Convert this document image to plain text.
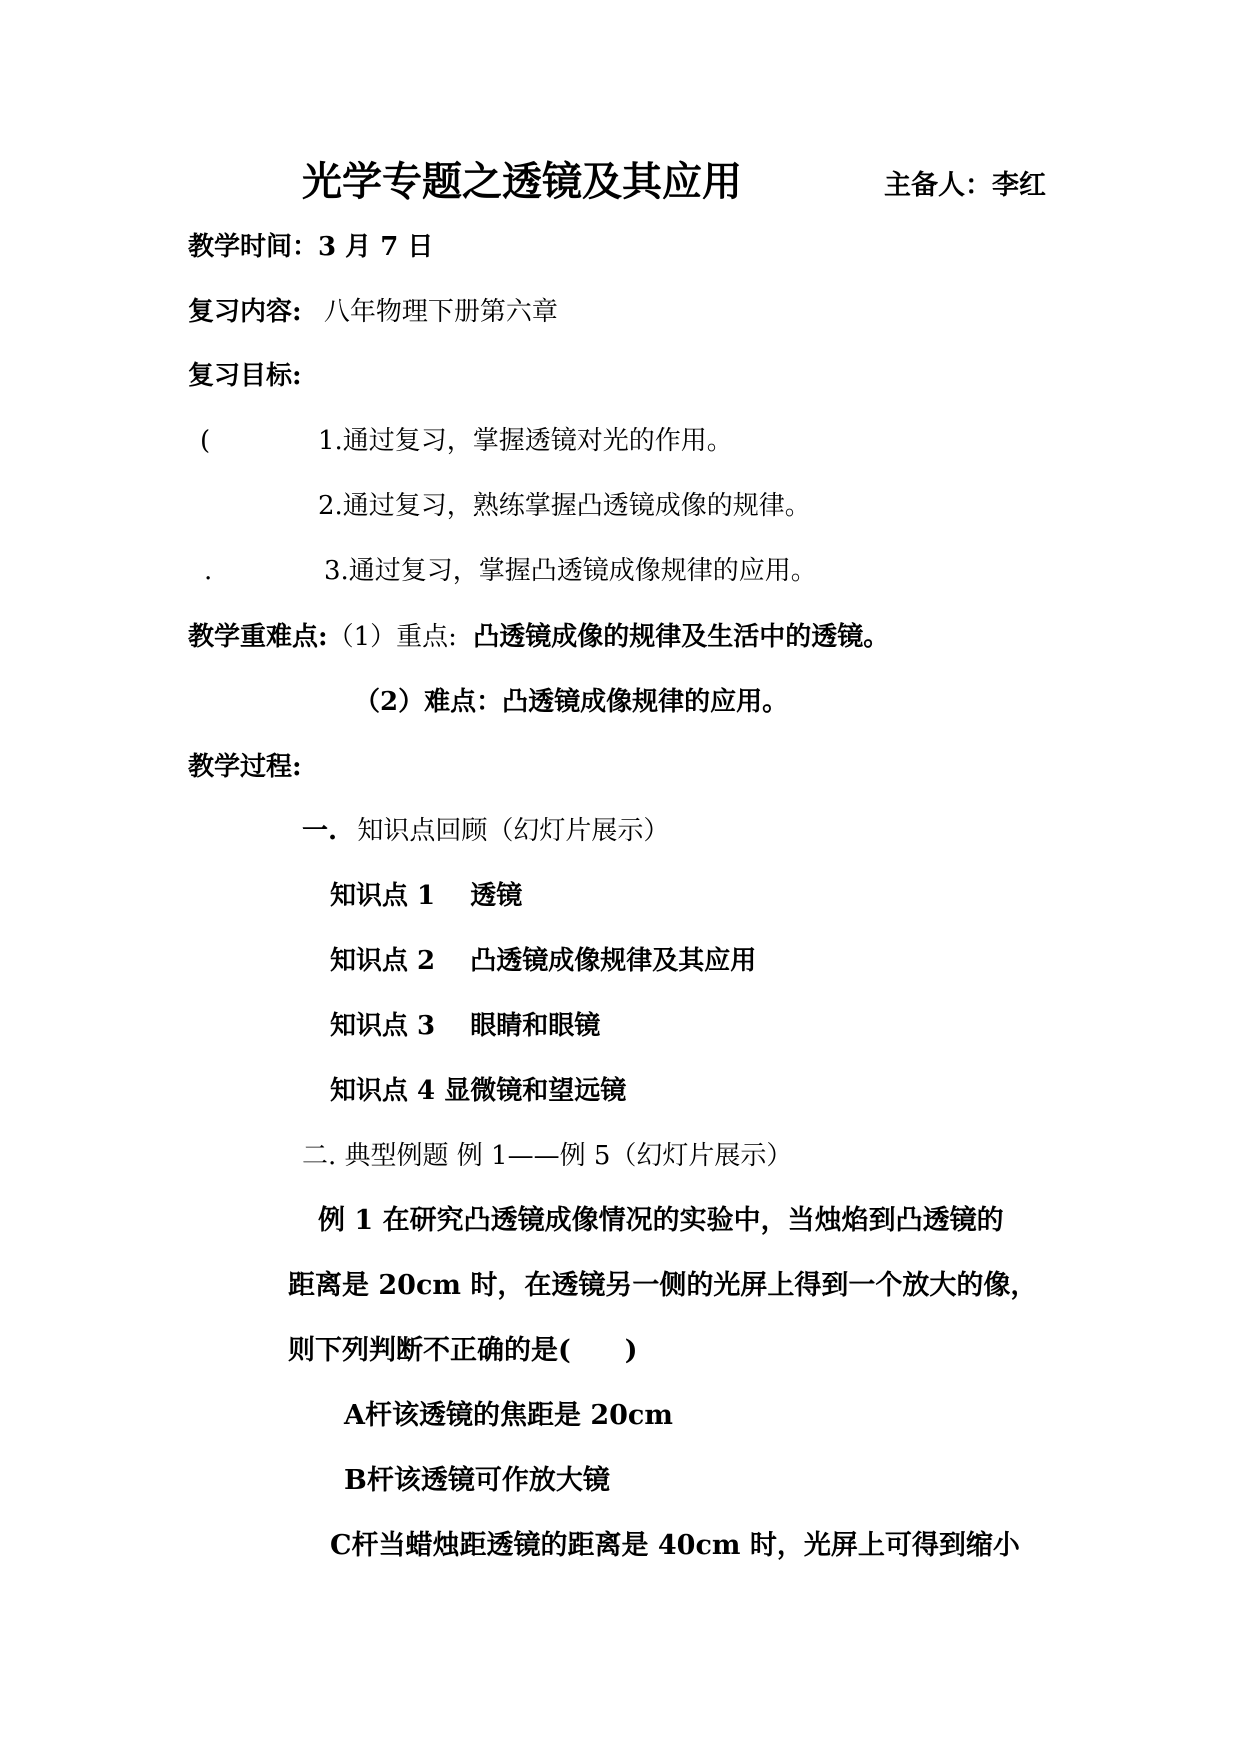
光学专题之透镜及其应用	主备人：李红
教学时间：3 月 7 日
复习内容: 八年物理下册第六章
复习目标:
(	1.通过复习，掌握透镜对光的作用。
2.通过复习，熟练掌握凸透镜成像的规律。
.	3.通过复习，掌握凸透镜成像规律的应用。
教学重难点:（1）重点: 凸透镜成像的规律及生活中的透镜。
（2）难点：凸透镜成像规律的应用。
教学过程:
一. 知识点回顾（幻灯片展示）
知识点 1　 透镜
知识点 2　 凸透镜成像规律及其应用
知识点 3　 眼睛和眼镜
知识点 4 显微镜和望远镜
二. 典型例题 例 1——例 5（幻灯片展示）
例 1 在研究凸透镜成像情况的实验中，当烛焰到凸透镜的
距离是 20cm 时，在透镜另一侧的光屏上得到一个放大的像，
则下列判断不正确的是(　　)
A杆该透镜的焦距是 20cm
B杆该透镜可作放大镜
C杆当蜡烛距透镜的距离是 40cm 时，光屏上可得到缩小
